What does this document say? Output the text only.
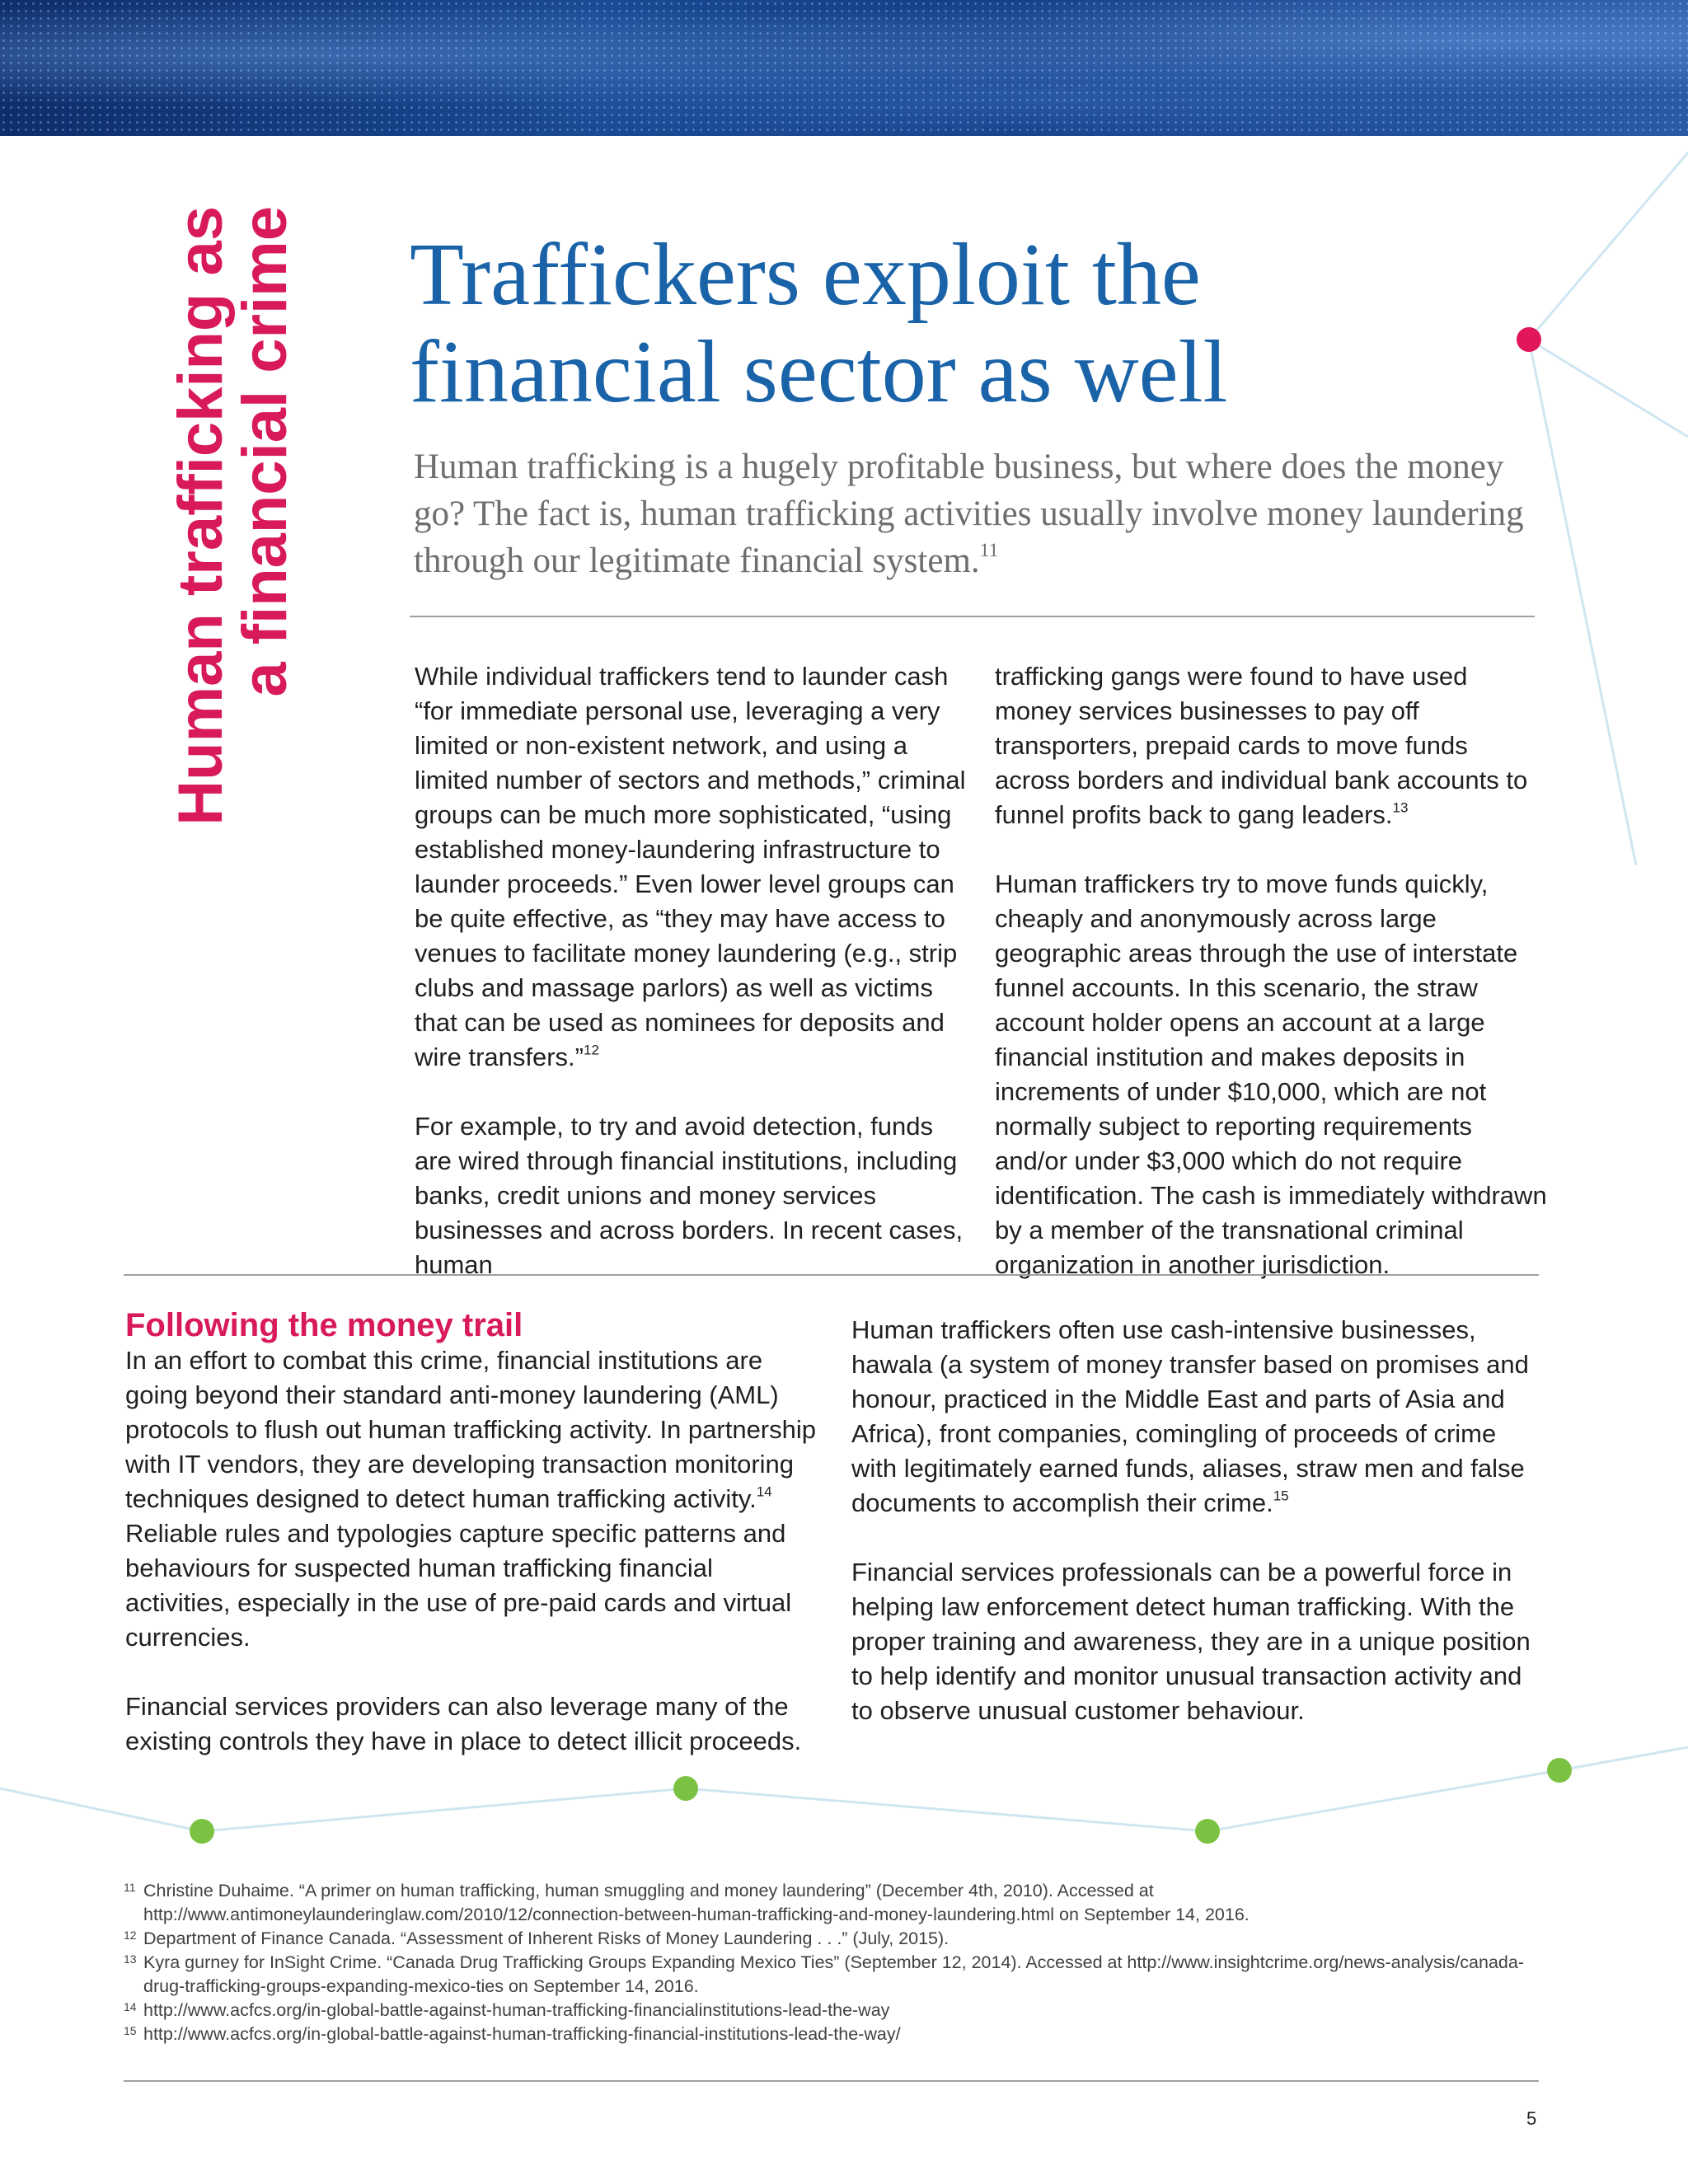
Human trafficking as
a financial crime Traffickers exploit the
financial sector as well

Human trafficking is a hugely profitable business, but where does the money go? The fact is, human trafficking activities usually involve money laundering through our legitimate financial system.$^{11}$

While individual traffickers tend to launder cash “for immediate personal use, leveraging a very limited or non-existent network, and using a limited number of sectors and methods,” criminal groups can be much more sophisticated, “using established money-laundering infrastructure to launder proceeds.” Even lower level groups can be quite effective, as “they may have access to venues to facilitate money laundering (e.g., strip clubs and massage parlors) as well as victims that can be used as nominees for deposits and wire transfers.”$^{12}$

For example, to try and avoid detection, funds are wired through financial institutions, including banks, credit unions and money services businesses and across borders. In recent cases, human

trafficking gangs were found to have used money services businesses to pay off transporters, prepaid cards to move funds across borders and individual bank accounts to funnel profits back to gang leaders.$^{13}$

Human traffickers try to move funds quickly, cheaply and anonymously across large geographic areas through the use of interstate funnel accounts. In this scenario, the straw account holder opens an account at a large financial institution and makes deposits in increments of under $10,000, which are not normally subject to reporting requirements and/or under $3,000 which do not require identification. The cash is immediately withdrawn by a member of the transnational criminal organization in another jurisdiction.

Following the money trail

In an effort to combat this crime, financial institutions are going beyond their standard anti-money laundering (AML) protocols to flush out human trafficking activity. In partnership with IT vendors, they are developing transaction monitoring techniques designed to detect human trafficking activity.$^{14}$ Reliable rules and typologies capture specific patterns and behaviours for suspected human trafficking financial activities, especially in the use of pre-paid cards and virtual currencies.

Financial services providers can also leverage many of the existing controls they have in place to detect illicit proceeds.

Human traffickers often use cash-intensive businesses, hawala (a system of money transfer based on promises and honour, practiced in the Middle East and parts of Asia and Africa), front companies, comingling of proceeds of crime with legitimately earned funds, aliases, straw men and false documents to accomplish their crime.$^{15}$

Financial services professionals can be a powerful force in helping law enforcement detect human trafficking. With the proper training and awareness, they are in a unique position to help identify and monitor unusual transaction activity and to observe unusual customer behaviour.

11 Christine Duhaime. “A primer on human trafficking, human smuggling and money laundering” (December 4th, 2010). Accessed at http://www.antimoneylaunderinglaw.com/2010/12/connection-between-human-trafficking-and-money-laundering.html on September 14, 2016.
12 Department of Finance Canada. “Assessment of Inherent Risks of Money Laundering . . .” (July, 2015).
13 Kyra gurney for InSight Crime. “Canada Drug Trafficking Groups Expanding Mexico Ties” (September 12, 2014). Accessed at http://www.insightcrime.org/news-analysis/canada-drug-trafficking-groups-expanding-mexico-ties on September 14, 2016.
14 http://www.acfcs.org/in-global-battle-against-human-trafficking-financialinstitutions-lead-the-way
15 http://www.acfcs.org/in-global-battle-against-human-trafficking-financial-institutions-lead-the-way/
5
